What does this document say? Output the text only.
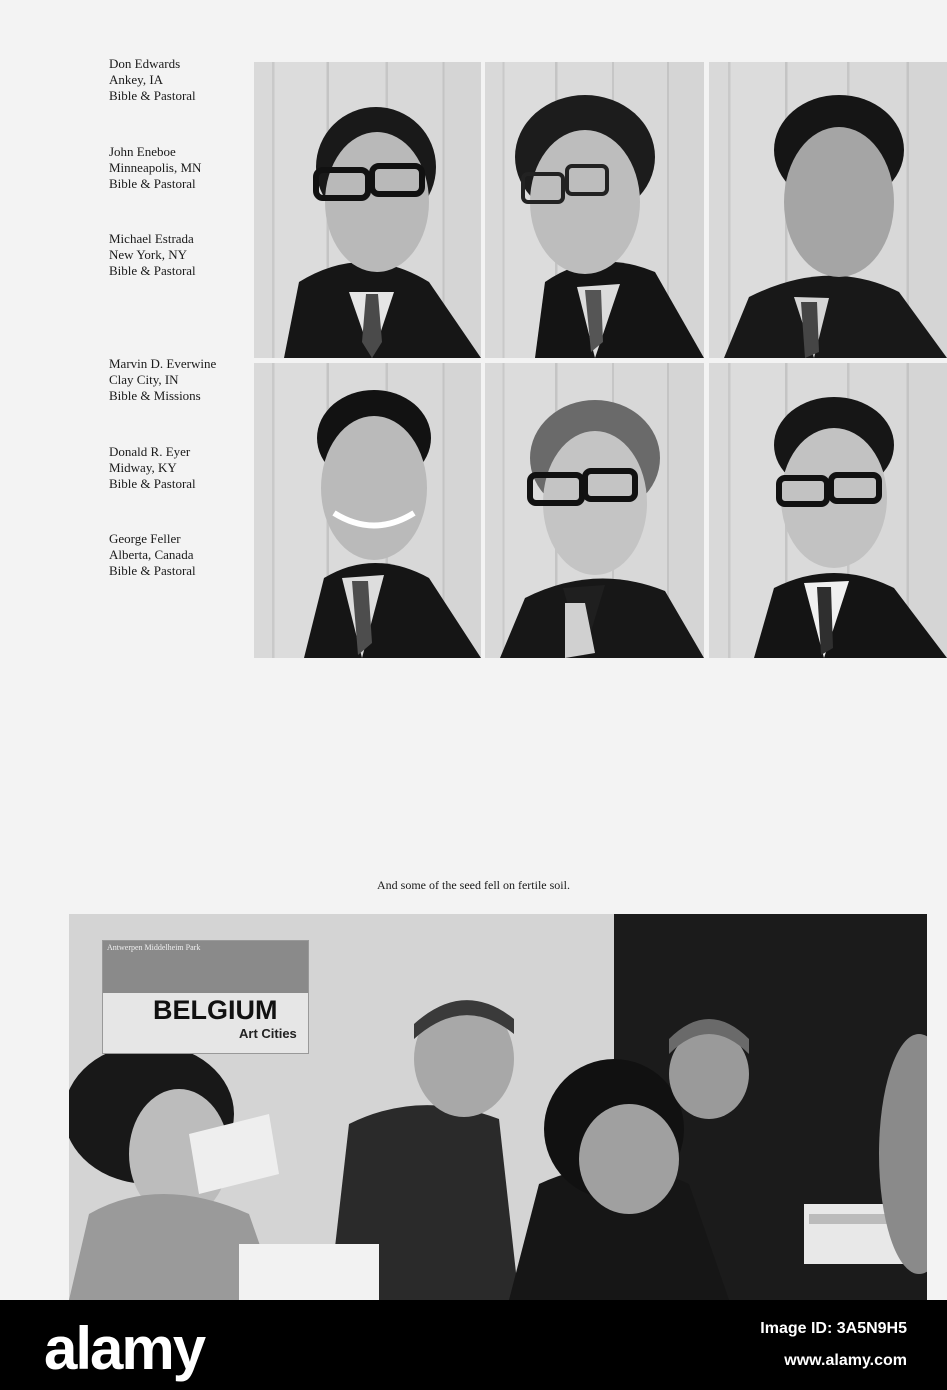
Don Edwards
Ankey, IA
Bible & Pastoral
John Eneboe
Minneapolis, MN
Bible & Pastoral
Michael Estrada
New York, NY
Bible & Pastoral
Marvin D. Everwine
Clay City, IN
Bible & Missions
Donald R. Eyer
Midway, KY
Bible & Pastoral
George Feller
Alberta, Canada
Bible & Pastoral
And some of the seed fell on fertile soil.
Antwerpen Middelheim Park
BELGIUM
Art Cities
alamy	Image ID: 3A5N9H5
www.alamy.com
